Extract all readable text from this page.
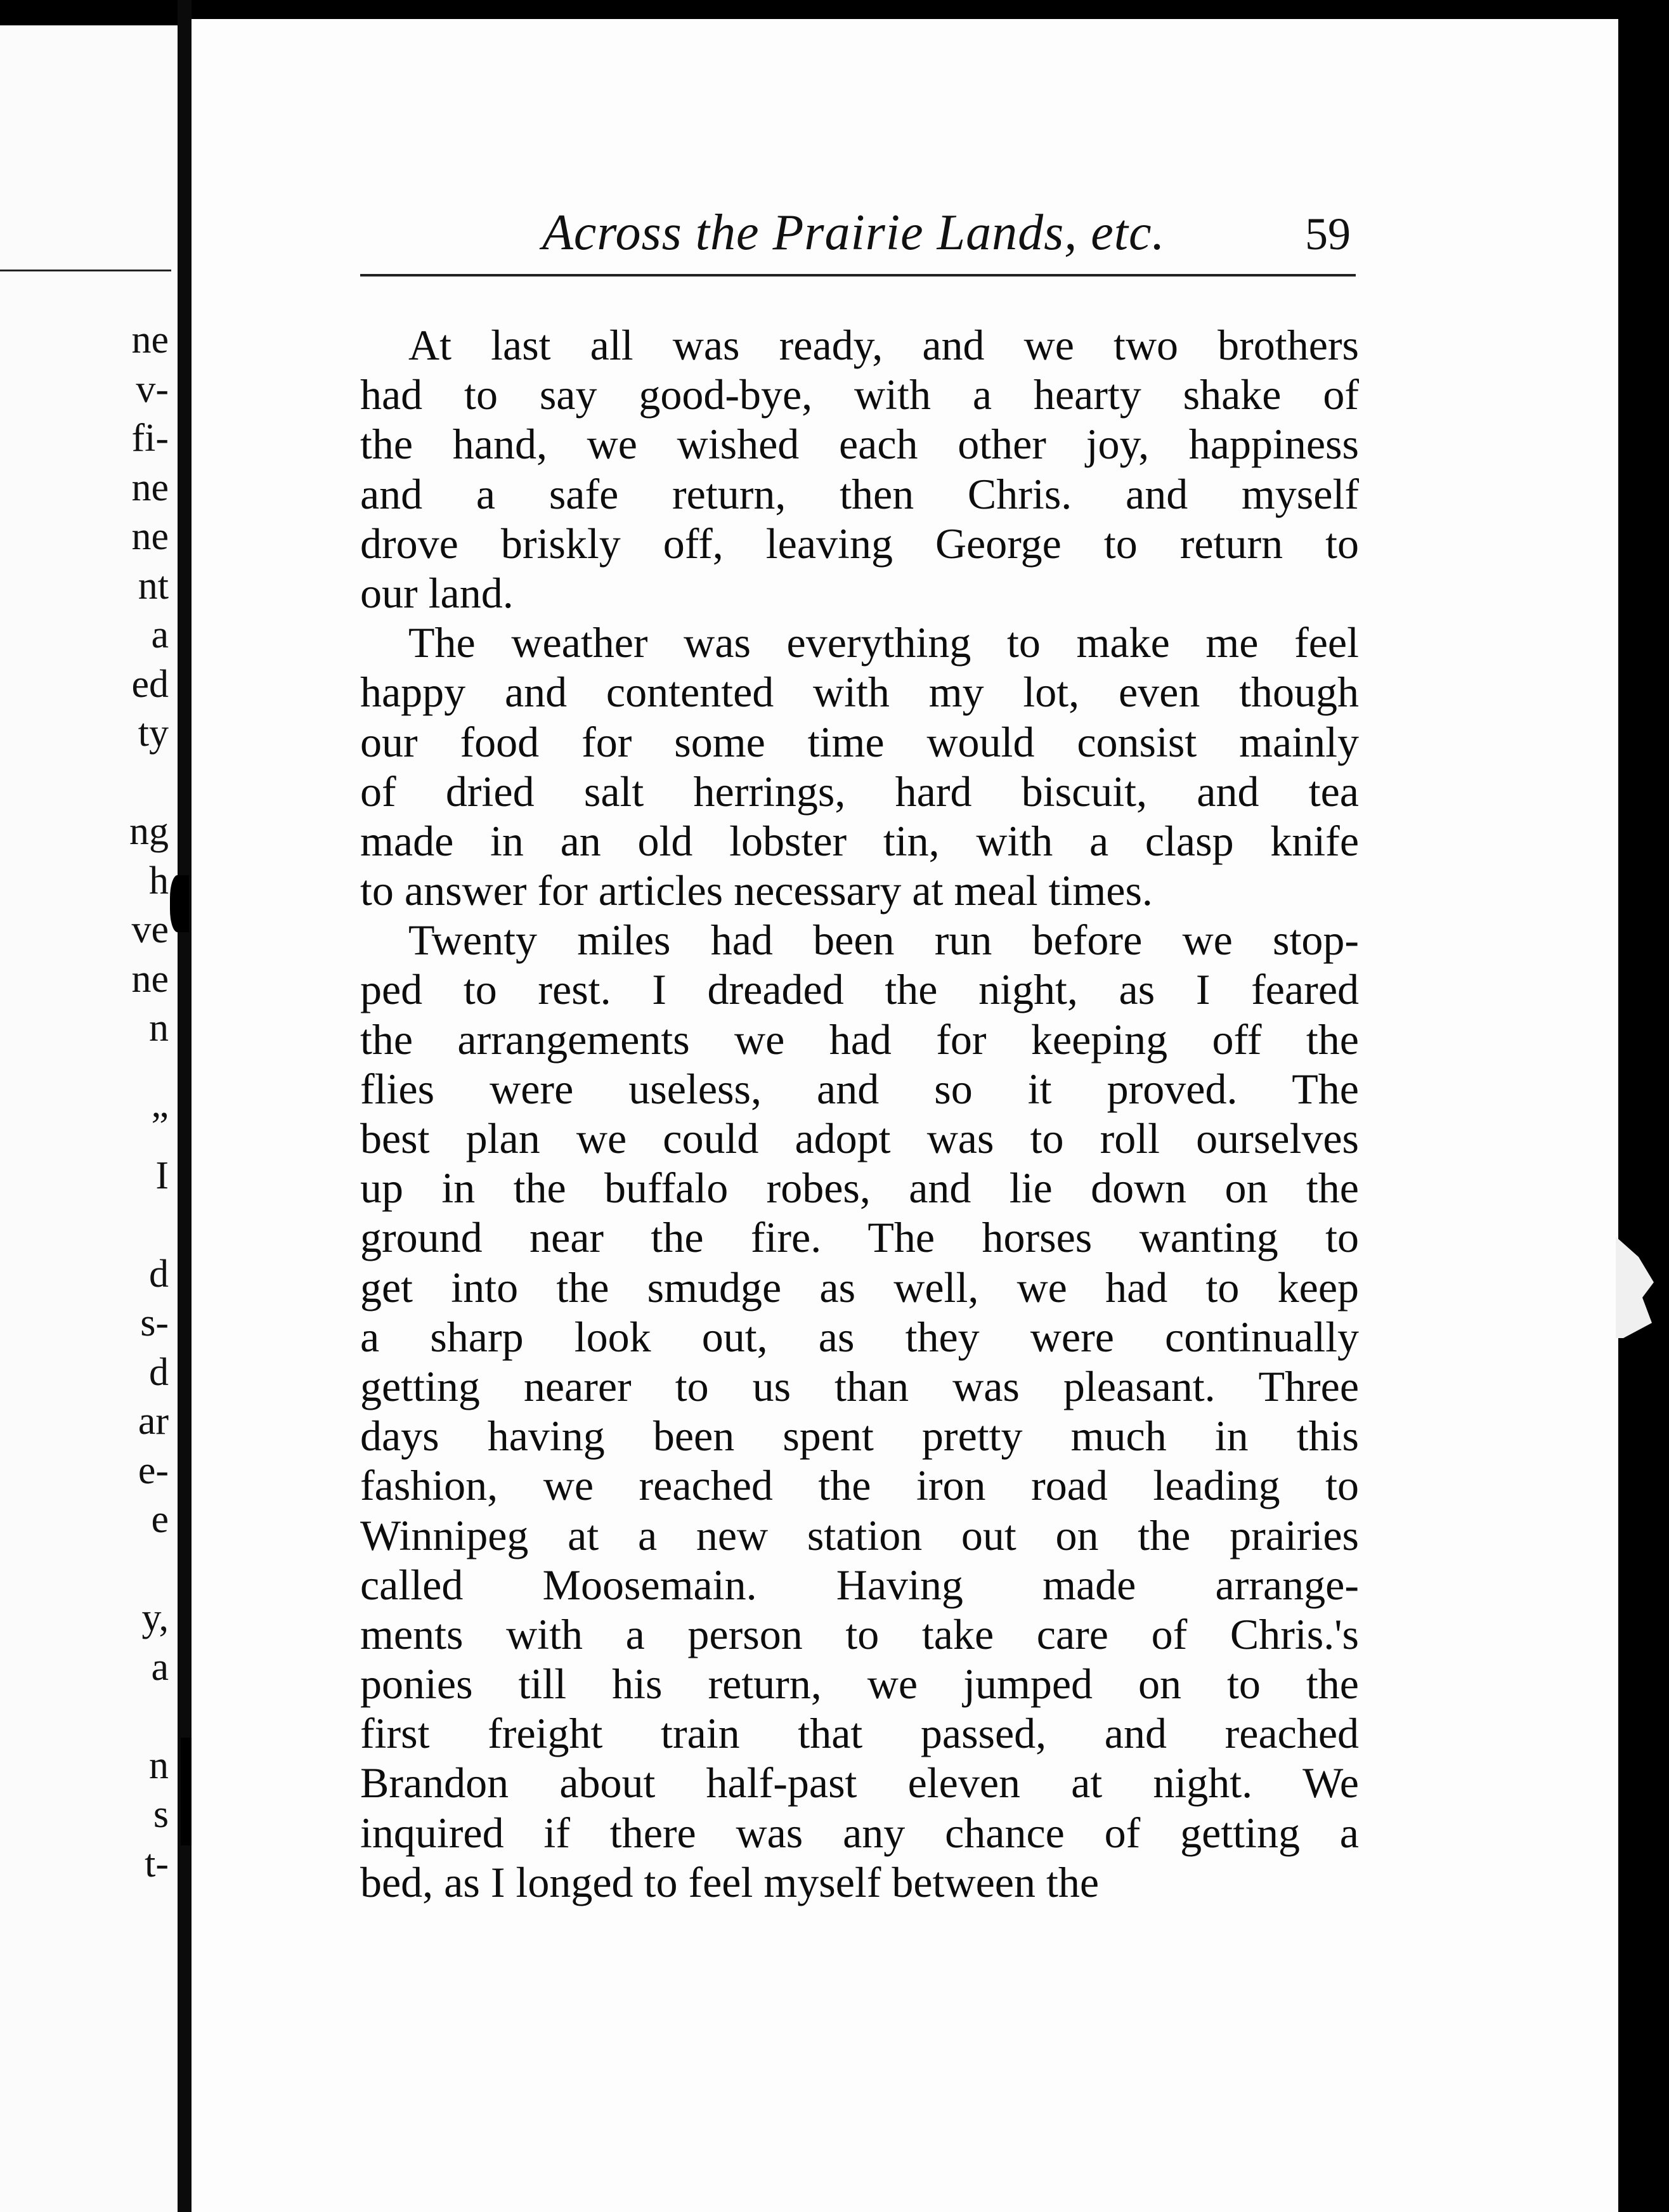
ne
v-
fi-
ne
ne
nt
a
ed
ty
ng
h
ve
ne
n
”
I
d
s-
d
ar
e-
e
y,
a
n
s
t-
Across the Prairie Lands, etc.	59
At last all was ready, and we two brothers
had to say good-bye, with a hearty shake of
the hand, we wished each other joy, happiness
and a safe return, then Chris. and myself
drove briskly off, leaving George to return to
our land.
The weather was everything to make me feel
happy and contented with my lot, even though
our food for some time would consist mainly
of dried salt herrings, hard biscuit, and tea
made in an old lobster tin, with a clasp knife
to answer for articles necessary at meal times.
Twenty miles had been run before we stop-
ped to rest. I dreaded the night, as I feared
the arrangements we had for keeping off the
flies were useless, and so it proved. The
best plan we could adopt was to roll ourselves
up in the buffalo robes, and lie down on the
ground near the fire. The horses wanting to
get into the smudge as well, we had to keep
a sharp look out, as they were continually
getting nearer to us than was pleasant. Three
days having been spent pretty much in this
fashion, we reached the iron road leading to
Winnipeg at a new station out on the prairies
called Moosemain. Having made arrange-
ments with a person to take care of Chris.'s
ponies till his return, we jumped on to the
first freight train that passed, and reached
Brandon about half-past eleven at night. We
inquired if there was any chance of getting a
bed, as I longed to feel myself between the
